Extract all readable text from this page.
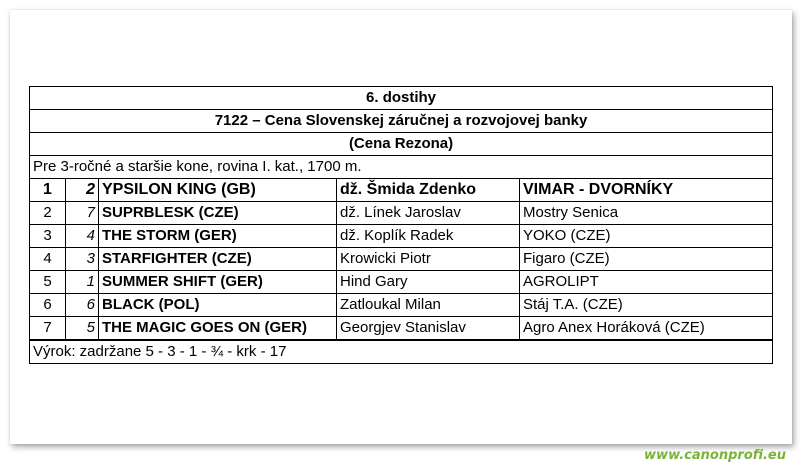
6. dostihy				
7122 – Cena Slovenskej záručnej a rozvojovej banky				
(Cena Rezona)				
Pre 3-ročné a staršie kone, rovina I. kat., 1700 m.				
1	2	YPSILON KING (GB)	dž. Šmida Zdenko	VIMAR - DVORNÍKY
2	7	SUPRBLESK (CZE)	dž. Línek Jaroslav	Mostry Senica
3	4	THE STORM (GER)	dž. Koplík Radek	YOKO (CZE)
4	3	STARFIGHTER (CZE)	Krowicki Piotr	Figaro (CZE)
5	1	SUMMER SHIFT (GER)	Hind Gary	AGROLIPT
6	6	BLACK (POL)	Zatloukal Milan	Stáj T.A. (CZE)
7	5	THE MAGIC GOES ON (GER)	Georgjev Stanislav	Agro Anex Horáková (CZE)
Výrok: zadržane 5 - 3 - 1 - ¾ - krk - 17				
www.canonprofi.eu
